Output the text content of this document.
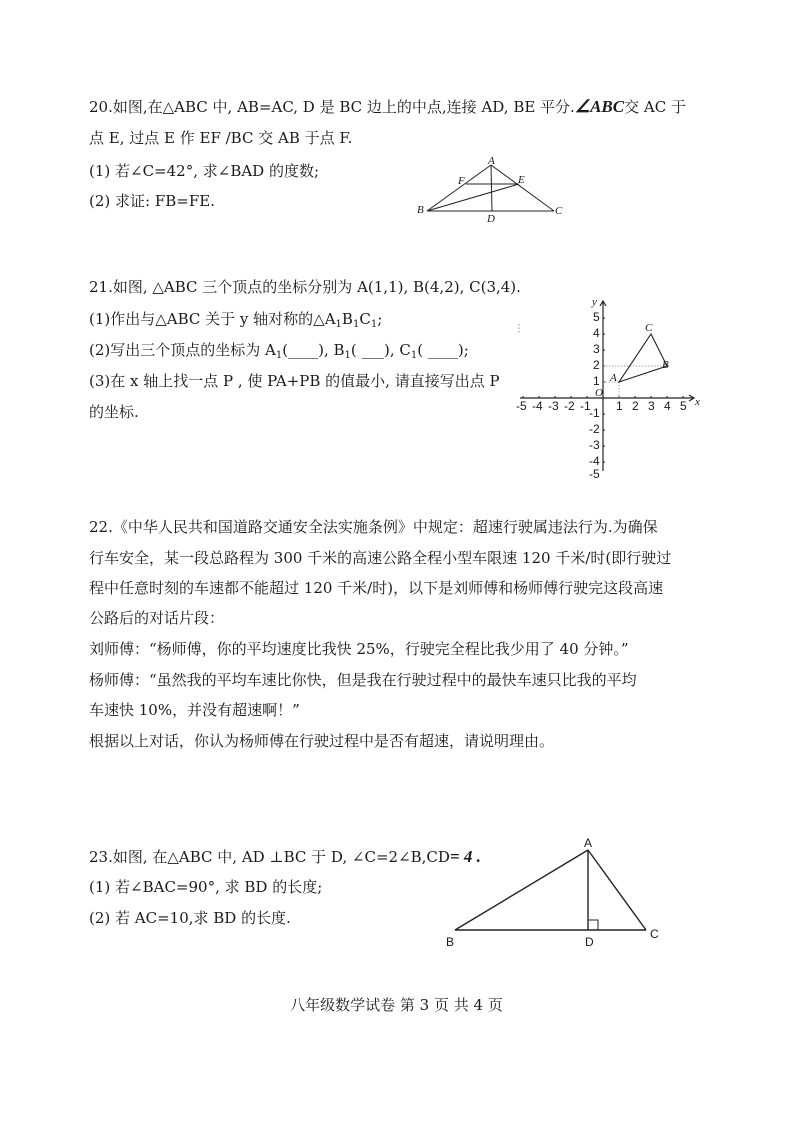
20.如图,在△ABC 中, AB=AC, D 是 BC 边上的中点,连接 AD, BE 平分.∠ABC交 AC 于
点 E, 过点 E 作 EF /BC 交 AB 于点 F.
(1) 若∠C=42°, 求∠BAD 的度数;
(2) 求证: FB=FE.
A
B	C
D
E
F
21.如图, △ABC 三个顶点的坐标分别为 A(1,1), B(4,2), C(3,4).
(1)作出与△ABC 关于 y 轴对称的$\triangle A_1B_1C_1$;
(2)写出三个顶点的坐标为 $A_1(\_\_\_\_)$, $B_1$( ___), $C_1$( ____);
(3)在 x 轴上找一点 P , 使 PA+PB 的值最小, 请直接写出点 P
的坐标.	-5 -4 -3 -2 -1 1 2 3 4 5
5
4
3
2
1
-1
-2
-3
-4
-5
x
y
O
A
B
C
22.《中华人民共和国道路交通安全法实施条例》中规定：超速行驶属违法行为.为确保
行车安全，某一段总路程为 300 千米的高速公路全程小型车限速 120 千米/时(即行驶过
程中任意时刻的车速都不能超过 120 千米/时)，以下是刘师傅和杨师傅行驶完这段高速
公路后的对话片段：
刘师傅：“杨师傅，你的平均速度比我快 25%，行驶完全程比我少用了 40 分钟。”
杨师傅：“虽然我的平均车速比你快，但是我在行驶过程中的最快车速只比我的平均
车速快 10%，并没有超速啊！”
根据以上对话，你认为杨师傅在行驶过程中是否有超速，请说明理由。
23.如图, 在△ABC 中, AD ⊥BC 于 D, ∠C=2∠B,CD= 4 .
(1) 若∠BAC=90°, 求 BD 的长度;
(2) 若 AC=10,求 BD 的长度.
A
B
C
D
八年级数学试卷 第 3 页 共 4 页
